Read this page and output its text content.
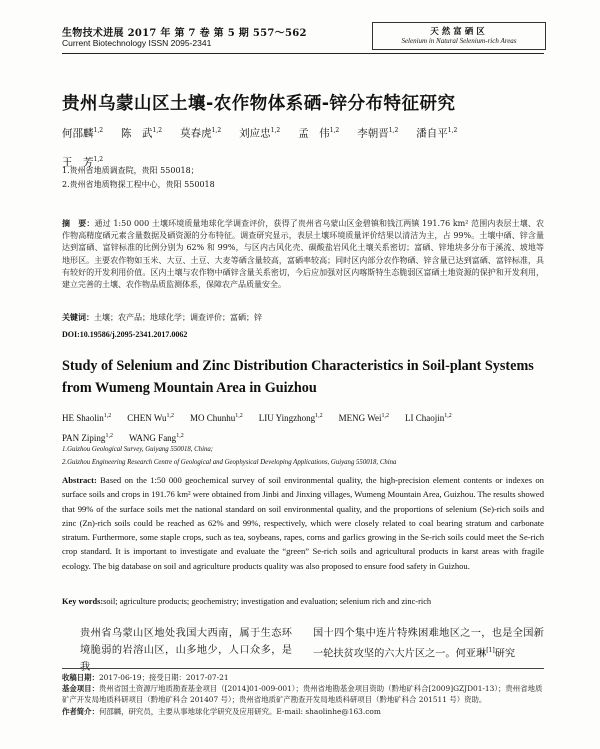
生物技术进展 2017 年 第 7 卷 第 5 期 557～562
Current Biotechnology ISSN 2095-2341
天然富硒区
Selenium in Natural Selenium-rich Areas
贵州乌蒙山区土壤-农作物体系硒-锌分布特征研究
何邵麟$^{1,2}$ 陈　武$^{1,2}$ 莫春虎$^{1,2}$ 刘应忠$^{1,2}$ 孟　伟$^{1,2}$ 李朝晋$^{1,2}$ 潘自平$^{1,2}$
王　芳$^{1,2}$
1.贵州省地质调查院，贵阳 550018；
2.贵州省地质物探工程中心，贵阳 550018
摘　要：通过 1:50 000 土壤环境质量地球化学调查评价，获得了贵州省乌蒙山区金碧镇和钱江两镇 191.76 km² 范围内表层土壤、农作物高精度硒元素含量数据及硒资源的分布特征。调查研究显示，表层土壤环境质量评价结果以清洁为主，占 99%。土壤中硒、锌含量达到富硒、富锌标准的比例分别为 62% 和 99%，与区内古风化壳、碳酸盐岩风化土壤关系密切；富硒、锌地块多分布于溪流、坡地等地形区。主要农作物如玉米、大豆、土豆、大麦等硒含量较高，富硒率较高；同时区内部分农作物硒、锌含量已达到富硒、富锌标准，具有较好的开发利用价值。区内土壤与农作物中硒锌含量关系密切，今后应加强对区内喀斯特生态脆弱区富硒土地资源的保护和开发利用，建立完善的土壤、农作物品质监测体系，保障农产品质量安全。
关键词：土壤；农产品；地球化学；调查评价；富硒；锌
DOI:10.19586/j.2095-2341.2017.0062
Study of Selenium and Zinc Distribution Characteristics in Soil-plant Systems from Wumeng Mountain Area in Guizhou
HE Shaolin$^{1,2}$ CHEN Wu$^{1,2}$ MO Chunhu$^{1,2}$ LIU Yingzhong$^{1,2}$ MENG Wei$^{1,2}$ LI Chaojin$^{1,2}$
PAN Ziping$^{1,2}$ WANG Fang$^{1,2}$
1.Guizhou Geological Survey, Guiyang 550018, China;
2.Guizhou Engineering Research Centre of Geological and Geophysical Developing Applications, Guiyang 550018, China
Abstract: Based on the 1:50 000 geochemical survey of soil environmental quality, the high-precision element contents or indexes on surface soils and crops in 191.76 km² were obtained from Jinbi and Jinxing villages, Wumeng Mountain Area, Guizhou. The results showed that 99% of the surface soils met the national standard on soil environmental quality, and the proportions of selenium (Se)-rich soils and zinc (Zn)-rich soils could be reached as 62% and 99%, respectively, which were closely related to coal bearing stratum and carbonate stratum. Furthermore, some staple crops, such as tea, soybeans, rapes, corns and garlics growing in the Se-rich soils could meet the Se-rich crop standard. It is important to investigate and evaluate the “green” Se-rich soils and agricultural products in karst areas with fragile ecology. The big database on soil and agriculture products quality was also proposed to ensure food safety in Guizhou.
Key words:soil; agriculture products; geochemistry; investigation and evaluation; selenium rich and zinc-rich
贵州省乌蒙山区地处我国大西南，属于生态环境脆弱的岩溶山区，山多地少，人口众多，是我
国十四个集中连片特殊困难地区之一，也是全国新一轮扶贫攻坚的六大片区之一。何亚琳[1]研究
收稿日期：2017-06-19；接受日期：2017-07-21
基金项目：贵州省国土资源厅地质勘查基金项目（[2014]01-009-001）；贵州省地勘基金项目资助（黔地矿科合[2009]GZJD01-13）；贵州省地质矿产开发局地质科研项目（黔地矿科合 201407 号）；贵州省地质矿产勘查开发局地质科研项目（黔地矿科合 201511 号）资助。
作者简介：何邵麟，研究员，主要从事地球化学研究及应用研究。E-mail: shaolinhe@163.com
